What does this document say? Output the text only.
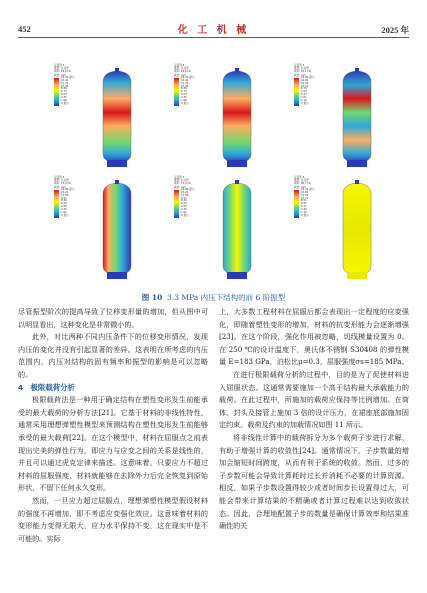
452	化 工 机 械	2025 年
总变形 1
类型: 总变形
频率: 29.6 Hz
单位: mm
15.09 最大
13.41
11.74
10.06
8.38
6.71
5.03
3.35
1.68
0 最小
总变形 2
类型: 总变形
频率: 29.6 Hz
单位: mm
15.09 最大
13.41
11.74
10.06
8.38
6.71
5.03
3.35
1.68
0 最小
总变形 3
类型: 总变形
频率: 52.1 Hz
单位: mm
15.80 最大
14.04
12.29
10.53
8.78
7.02
5.27
3.51
1.76
0 最小
总变形 4
类型: 总变形
频率: 73.4 Hz
单位: mm
14.86 最大
13.21
11.56
9.91
8.26
6.60
4.95
3.30
1.65
0 最小
总变形 5
类型: 总变形
频率: 73.4 Hz
单位: mm
14.86 最大
13.21
11.56
9.91
8.26
6.60
4.95
3.30
1.65
0 最小
总变形 6
类型: 总变形
频率: 96.7 Hz
单位: mm
15.32 最大
13.62
11.92
10.21
8.51
6.81
5.11
3.40
1.70
0 最小
图 10 3.3 MPa 内压下结构的前 6 阶振型

尽管振型阶次的提高导致了位移变形量的增加，但从图中可以明显看出，这种变化是非常微小的。

此外，对比两种不同内压条件下的位移变形情况，发现内压的变化并没有引起显著的差异。这表明在所考虑的内压范围内，内压对结构的固有频率和振型的影响是可以忽略的。

4　极限载荷分析

极限载荷法是一种用于确定结构在塑性变形发生前能承受的最大载荷的分析方法[21]。它基于材料的非线性特性，通常采用理想弹塑性模型来预测结构在塑性变形发生前能够承受的最大载荷[22]。在这个模型中，材料在屈服点之前表现出完美的弹性行为，即应力与应变之间的关系是线性的，并且可以通过虎克定律来描述。这意味着，只要应力不超过材料的屈服强度，材料就能够在去除外力后完全恢复到原始形状，不留下任何永久变形。

然而，一旦应力超过屈服点，理想弹塑性模型假设材料的强度不再增加，即不考虑应变强化效应。这意味着材料的变形能力变得无限大，应力水平保持不变，这在现实中是不可能的。实际

上，大多数工程材料在屈服后都会表现出一定程度的应变强化，即随着塑性变形的增加，材料的抗变形能力会逐渐增强[23]。在这个阶段，强化作用被忽略，切线模量设置为 0。在 250 ℃的设计温度下，奥氏体不锈钢 S30408 的弹性模量 E=183 GPa，泊松比μ=0.3，屈服强度σs=185 MPa。

在进行极限载荷分析的过程中，目的是为了促使材料进入屈服状态。这通常需要施加一个高于结构最大承载能力的载荷。在此过程中，所施加的载荷应保持等比例增加。在筒体、封头及接管上施加 3 倍的设计压力，在裙座底部施加固定约束。载荷及约束的加载情况如图 11 所示。

将非线性计算中的载荷拆分为多个载荷子步进行求解，有助于增强计算的收敛性[24]。通常情况下，子步数量的增加会缩短时间跨度，从而有利于系统的收敛。然而，过多的子步数可能会导致计算耗时过长并消耗不必要的计算资源。相反，如果子步数设置得较少或者时间步长设置得过大，可能会带来计算结果的不精确或者计算过程难以达到收敛状态。因此，合理地配置子步的数量是确保计算效率和结果准确性的关
